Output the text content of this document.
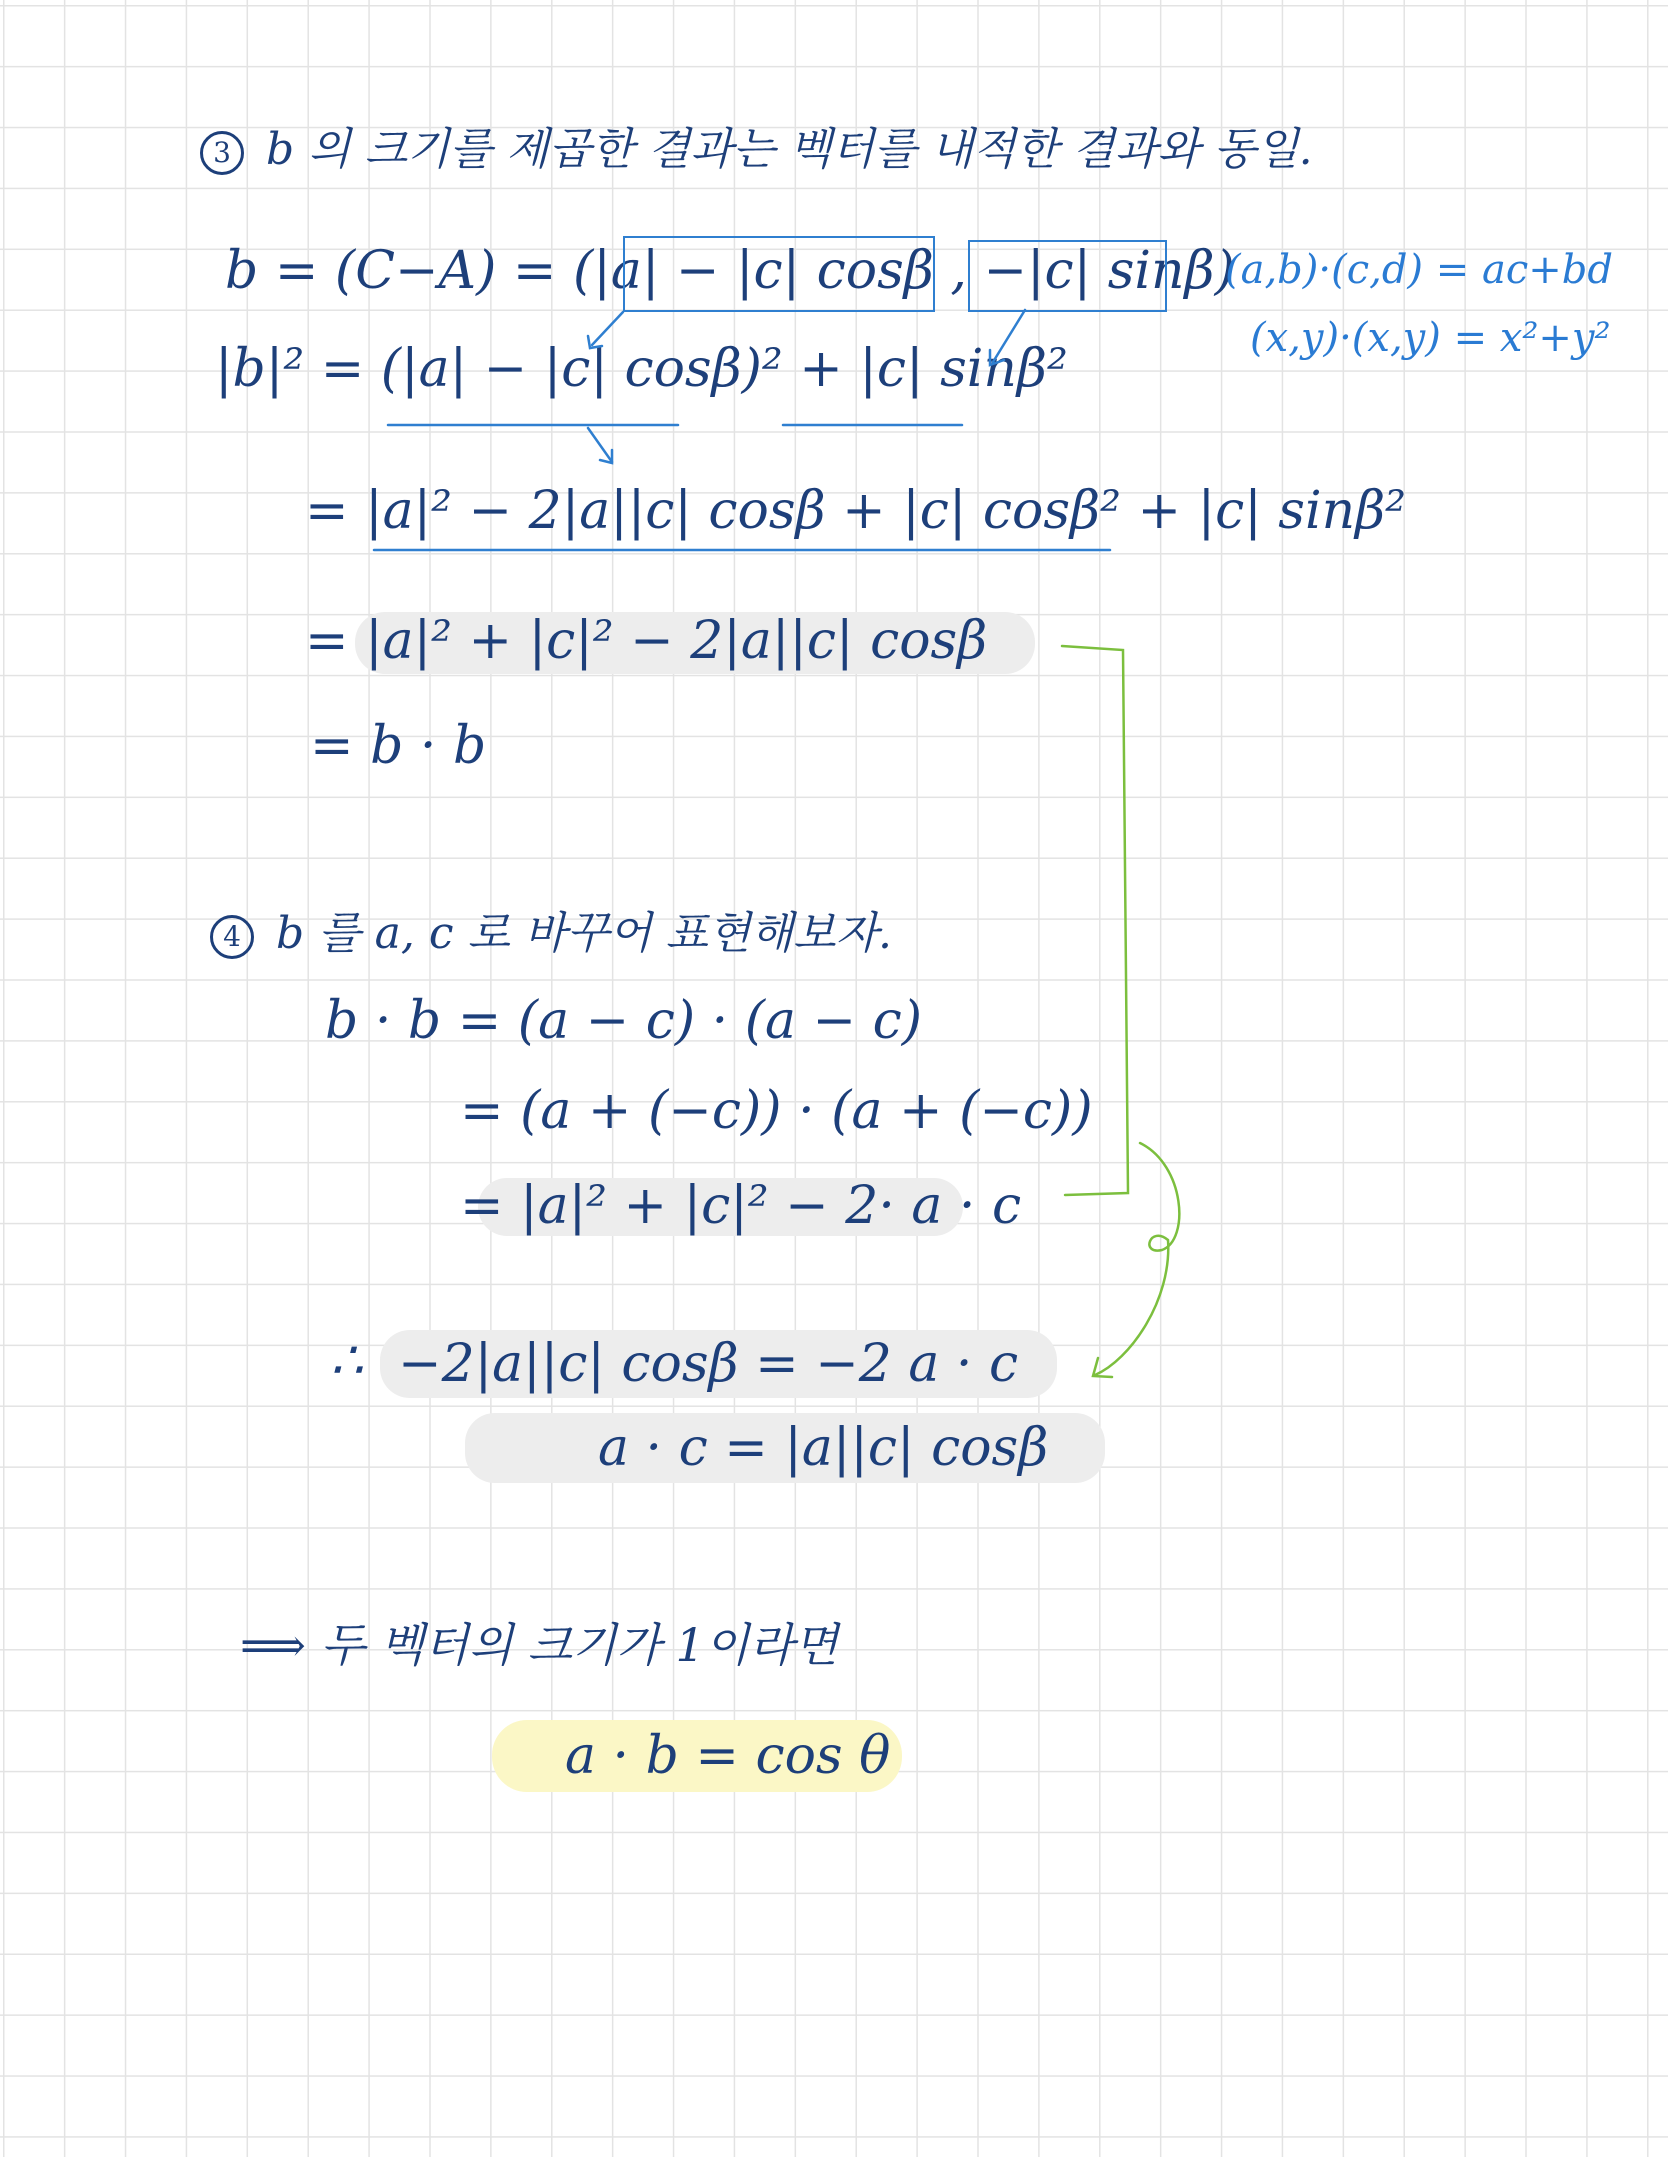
3 b 의 크기를 제곱한 결과는 벡터를 내적한 결과와 동일.
b = (C−A) = (|a| − |c| cosβ , −|c| sinβ)
|b|² = (|a| − |c| cosβ)² + |c| sinβ²
= |a|² − 2|a||c| cosβ + |c| cosβ² + |c| sinβ²
= |a|² + |c|² − 2|a||c| cosβ
= b · b
(a,b)·(c,d) = ac+bd
(x,y)·(x,y) = x²+y²
4 b 를 a, c 로 바꾸어 표현해보자.
b · b = (a − c) · (a − c)
= (a + (−c)) · (a + (−c))
= |a|² + |c|² − 2· a · c
∴ −2|a||c| cosβ = −2 a · c
a · c = |a||c| cosβ
⟹ 두 벡터의 크기가 1이라면
a · b = cos θ
